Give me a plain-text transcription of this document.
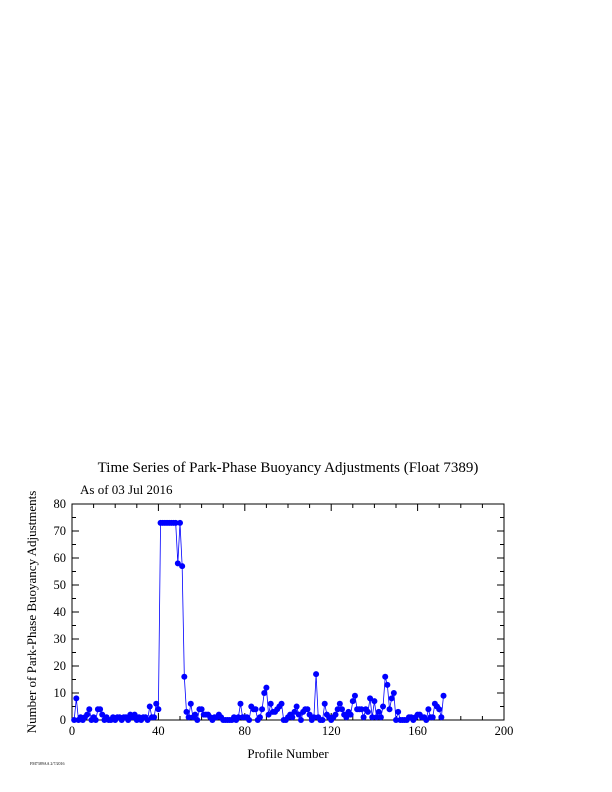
Time Series of Park-Phase Buoyancy Adjustments (Float 7389)
As of 03 Jul 2016
0	40	80	120	160	200
0
10
20
30
40
50
60
70
80
Profile Number
Number of Park-Phase Buoyancy Adjustments
FM7389AA 2/7/2016
